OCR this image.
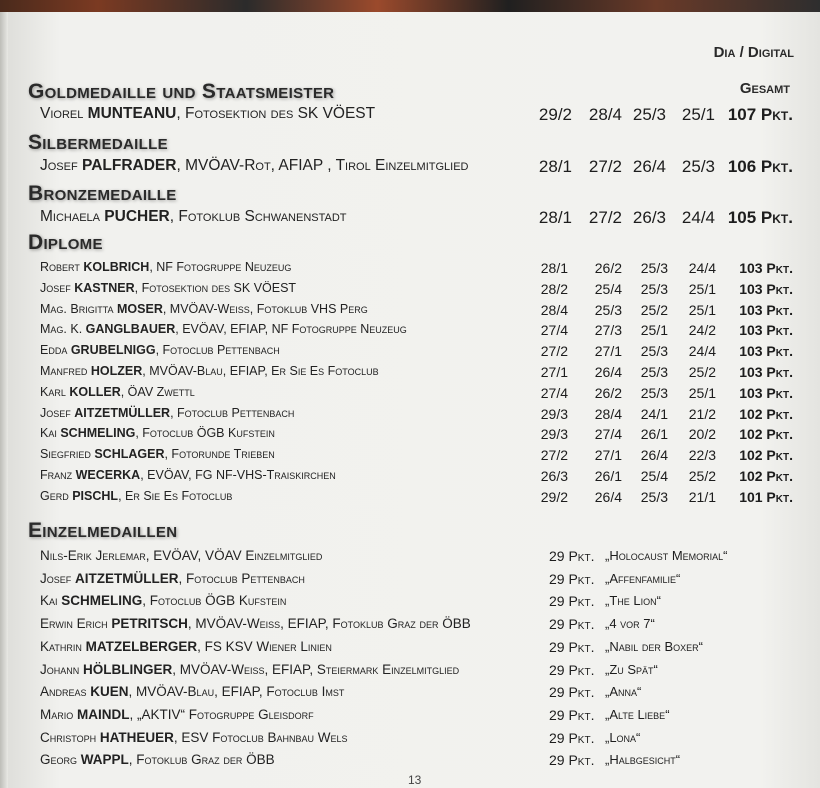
Dia / Digital
Gesamt
Goldmedaille und Staatsmeister
Silbermedaille
Bronzemedaille
Diplome
Einzelmedaillen
Viorel MUNTEANU, Fotosektion des SK VÖEST	29/2 28/4 25/3 25/1 107 Pkt.
Josef PALFRADER, MVÖAV-Rot, AFIAP , Tirol Einzelmitglied	28/1 27/2 26/4 25/3 106 Pkt.
Michaela PUCHER, Fotoklub Schwanenstadt	28/1 27/2 26/3 24/4 105 Pkt.
Robert KOLBRICH, NF Fotogruppe Neuzeug	28/1 26/2 25/3 24/4 103 Pkt.
Josef KASTNER, Fotosektion des SK VÖEST	28/2 25/4 25/3 25/1 103 Pkt.
Mag. Brigitta MOSER, MVÖAV-Weiss, Fotoklub VHS Perg	28/4 25/3 25/2 25/1 103 Pkt.
Mag. K. GANGLBAUER, EVÖAV, EFIAP, NF Fotogruppe Neuzeug	27/4 27/3 25/1 24/2 103 Pkt.
Edda GRUBELNIGG, Fotoclub Pettenbach	27/2 27/1 25/3 24/4 103 Pkt.
Manfred HOLZER, MVÖAV-Blau, EFIAP, Er Sie Es Fotoclub	27/1 26/4 25/3 25/2 103 Pkt.
Karl KOLLER, ÖAV Zwettl	27/4 26/2 25/3 25/1 103 Pkt.
Josef AITZETMÜLLER, Fotoclub Pettenbach	29/3 28/4 24/1 21/2 102 Pkt.
Kai SCHMELING, Fotoclub ÖGB Kufstein	29/3 27/4 26/1 20/2 102 Pkt.
Siegfried SCHLAGER, Fotorunde Trieben	27/2 27/1 26/4 22/3 102 Pkt.
Franz WECERKA, EVÖAV, FG NF-VHS-Traiskirchen	26/3 26/1 25/4 25/2 102 Pkt.
Gerd PISCHL, Er Sie Es Fotoclub	29/2 26/4 25/3 21/1 101 Pkt.
Nils-Erik Jerlemar, EVÖAV, VÖAV Einzelmitglied	29 Pkt. „Holocaust Memorial“
Josef AITZETMÜLLER, Fotoclub Pettenbach	29 Pkt. „Affenfamilie“
Kai SCHMELING, Fotoclub ÖGB Kufstein	29 Pkt. „The Lion“
Erwin Erich PETRITSCH, MVÖAV-Weiss, EFIAP, Fotoklub Graz der ÖBB	29 Pkt. „4 vor 7“
Kathrin MATZELBERGER, FS KSV Wiener Linien	29 Pkt. „Nabil der Boxer“
Johann HÖLBLINGER, MVÖAV-Weiss, EFIAP, Steiermark Einzelmitglied	29 Pkt. „Zu Spät“
Andreas KUEN, MVÖAV-Blau, EFIAP, Fotoclub Imst	29 Pkt. „Anna“
Mario MAINDL, „AKTIV“ Fotogruppe Gleisdorf	29 Pkt. „Alte Liebe“
Christoph HATHEUER, ESV Fotoclub Bahnbau Wels	29 Pkt. „Lona“
Georg WAPPL, Fotoklub Graz der ÖBB	29 Pkt. „Halbgesicht“
13
